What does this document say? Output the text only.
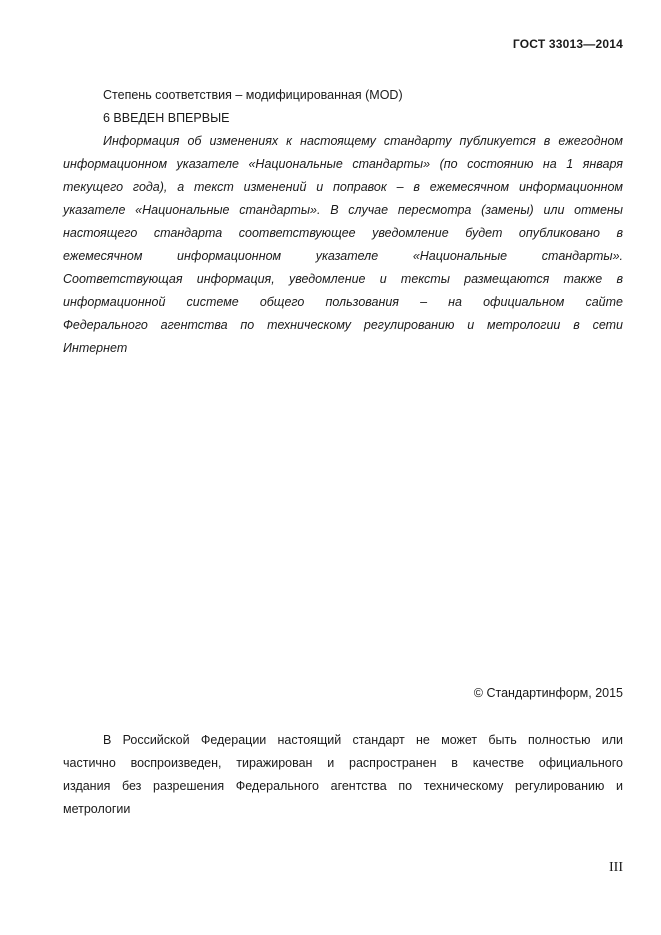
ГОСТ 33013—2014
Степень соответствия – модифицированная (MOD)
6 ВВЕДЕН ВПЕРВЫЕ
Информация об изменениях к настоящему стандарту публикуется в ежегодном
информационном указателе «Национальные стандарты» (по состоянию на 1 января
текущего года), а текст изменений и поправок – в ежемесячном информационном
указателе «Национальные стандарты». В случае пересмотра (замены) или отмены
настоящего стандарта соответствующее уведомление будет опубликовано в
ежемесячном информационном указателе «Национальные стандарты».
Соответствующая информация, уведомление и тексты размещаются также в
информационной системе общего пользования – на официальном сайте
Федерального агентства по техническому регулированию и метрологии в сети
Интернет
© Стандартинформ, 2015
В Российской Федерации настоящий стандарт не может быть полностью или
частично воспроизведен, тиражирован и распространен в качестве официального
издания без разрешения Федерального агентства по техническому регулированию и
метрологии
III
